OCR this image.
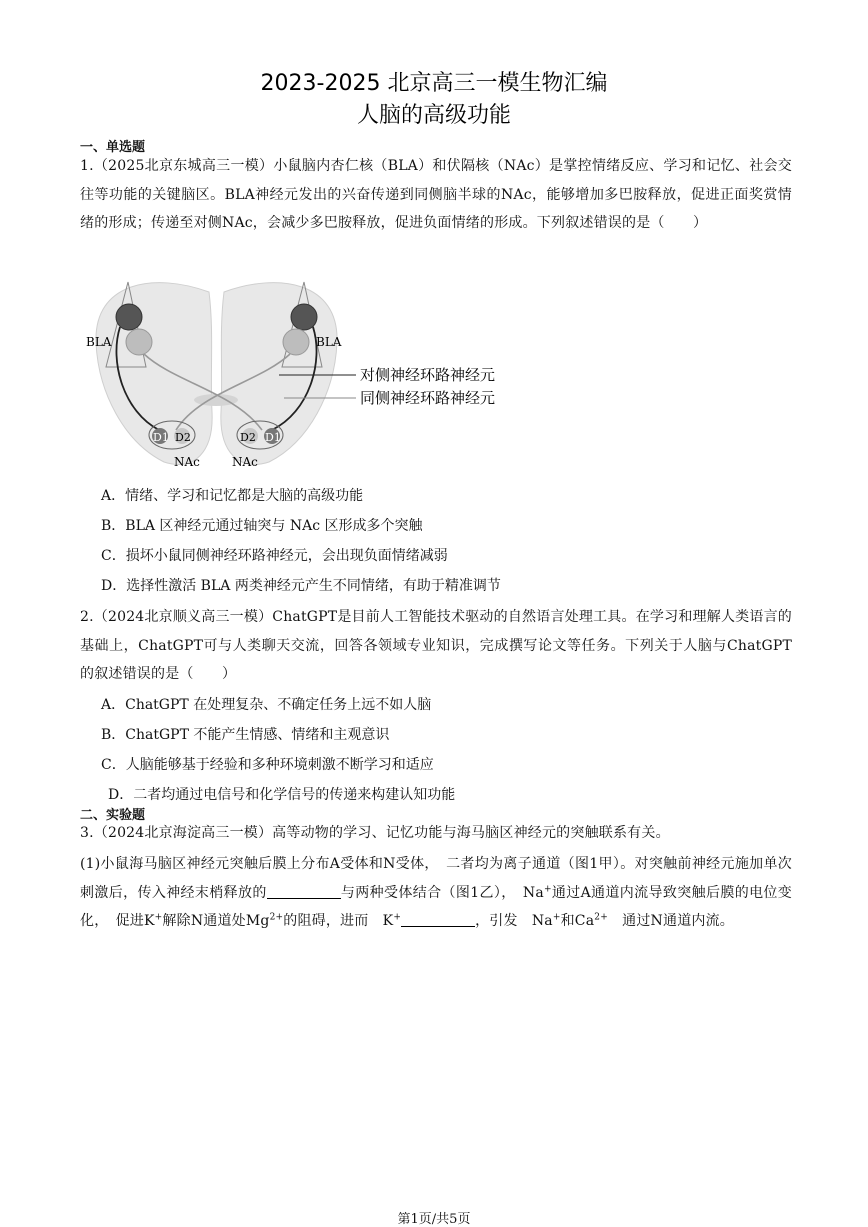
2023-2025 北京高三一模生物汇编
人脑的高级功能
一、单选题
1.（2025北京东城高三一模）小鼠脑内杏仁核（BLA）和伏隔核（NAc）是掌控情绪反应、学习和记忆、社会交往等功能的关键脑区。BLA神经元发出的兴奋传递到同侧脑半球的NAc，能够增加多巴胺释放，促进正面奖赏情绪的形成；传递至对侧NAc，会减少多巴胺释放，促进负面情绪的形成。下列叙述错误的是（　　）
BLA	BLA
D1 D2	D2 D1
NAc	NAc
对侧神经环路神经元
同侧神经环路神经元
A．情绪、学习和记忆都是大脑的高级功能
B．BLA 区神经元通过轴突与 NAc 区形成多个突触
C．损坏小鼠同侧神经环路神经元，会出现负面情绪减弱
D．选择性激活 BLA 两类神经元产生不同情绪，有助于精准调节
2.（2024北京顺义高三一模）ChatGPT是目前人工智能技术驱动的自然语言处理工具。在学习和理解人类语言的基础上，ChatGPT可与人类聊天交流，回答各领域专业知识，完成撰写论文等任务。下列关于人脑与ChatGPT的叙述错误的是（　　）
A．ChatGPT 在处理复杂、不确定任务上远不如人脑
B．ChatGPT 不能产生情感、情绪和主观意识
C．人脑能够基于经验和多种环境刺激不断学习和适应
D．二者均通过电信号和化学信号的传递来构建认知功能
二、实验题
3.（2024北京海淀高三一模）高等动物的学习、记忆功能与海马脑区神经元的突触联系有关。
(1)小鼠海马脑区神经元突触后膜上分布A受体和N受体，　二者均为离子通道（图1甲）。对突触前神经元施加单次刺激后，传入神经末梢释放的	与两种受体结合（图1乙），　Na+通过A通道内流导致突触后膜的电位变化，　促进K+解除N通道处$Mg^{2+}$的阻碍，进而　K+	，引发　Na+和$Ca^{2+}$　通过N通道内流。
第1页/共5页
